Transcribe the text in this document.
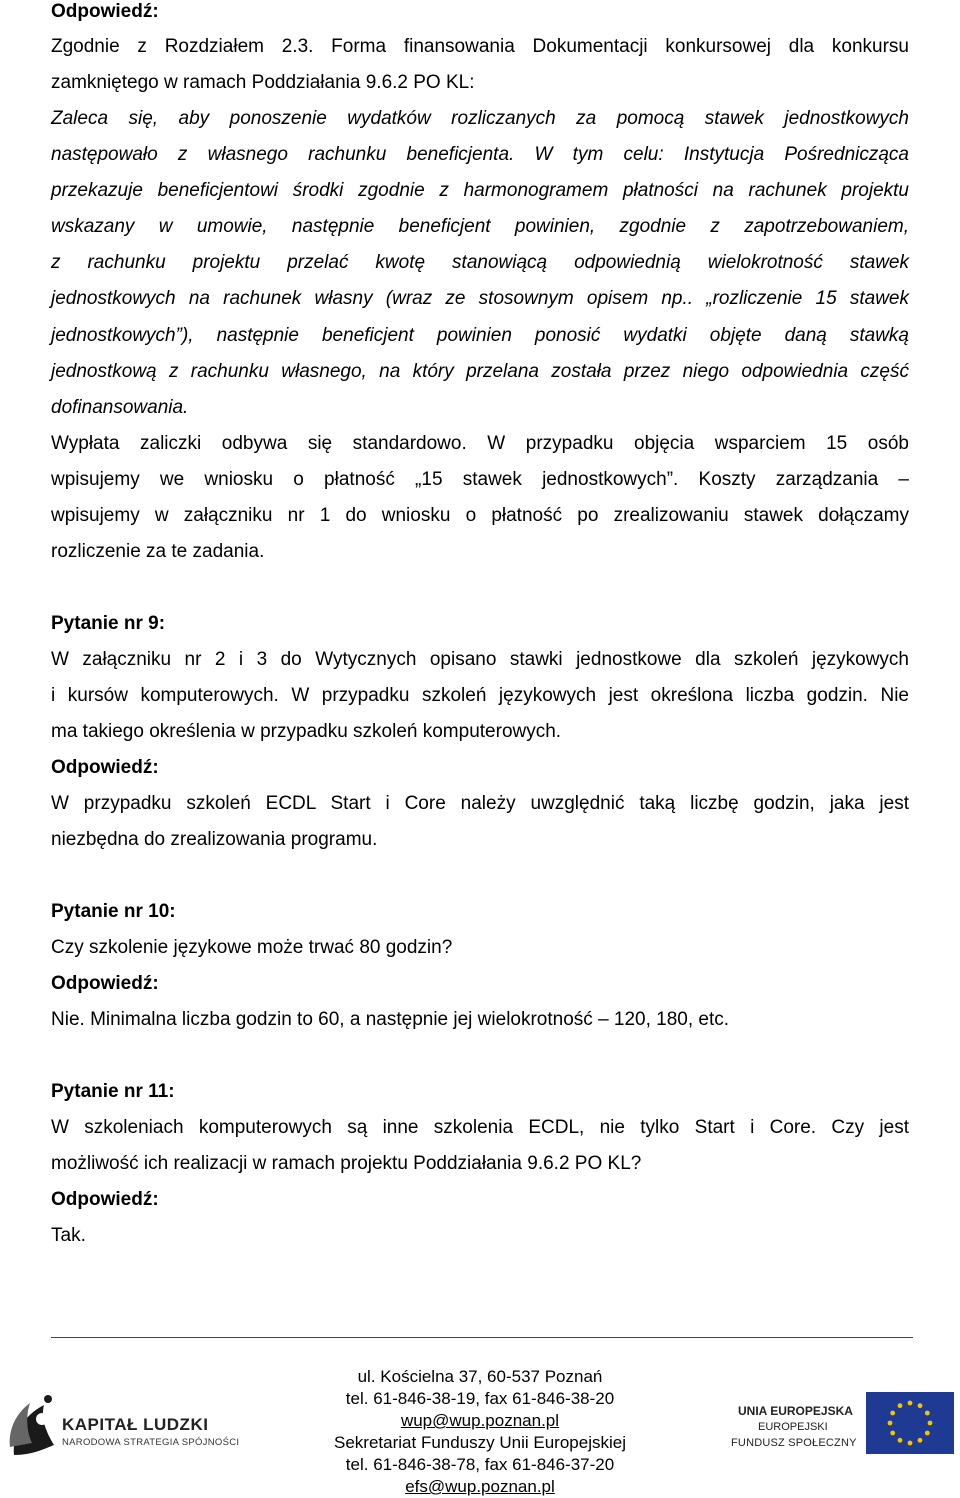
Odpowiedź:
Zgodnie z Rozdziałem 2.3. Forma finansowania Dokumentacji konkursowej dla konkursu
zamkniętego w ramach Poddziałania 9.6.2 PO KL:
Zaleca się, aby ponoszenie wydatków rozliczanych za pomocą stawek jednostkowych
następowało z własnego rachunku beneficjenta. W tym celu: Instytucja Pośrednicząca
przekazuje beneficjentowi środki zgodnie z harmonogramem płatności na rachunek projektu
wskazany w umowie, następnie beneficjent powinien, zgodnie z zapotrzebowaniem,
z rachunku projektu przelać kwotę stanowiącą odpowiednią wielokrotność stawek
jednostkowych na rachunek własny (wraz ze stosownym opisem np.. „rozliczenie 15 stawek
jednostkowych”), następnie beneficjent powinien ponosić wydatki objęte daną stawką
jednostkową z rachunku własnego, na który przelana została przez niego odpowiednia część
dofinansowania.
Wypłata zaliczki odbywa się standardowo. W przypadku objęcia wsparciem 15 osób
wpisujemy we wniosku o płatność „15 stawek jednostkowych”. Koszty zarządzania –
wpisujemy w załączniku nr 1 do wniosku o płatność po zrealizowaniu stawek dołączamy
rozliczenie za te zadania.
Pytanie nr 9:
W załączniku nr 2 i 3 do Wytycznych opisano stawki jednostkowe dla szkoleń językowych
i kursów komputerowych. W przypadku szkoleń językowych jest określona liczba godzin. Nie
ma takiego określenia w przypadku szkoleń komputerowych.
Odpowiedź:
W przypadku szkoleń ECDL Start i Core należy uwzględnić taką liczbę godzin, jaka jest
niezbędna do zrealizowania programu.
Pytanie nr 10:
Czy szkolenie językowe może trwać 80 godzin?
Odpowiedź:
Nie. Minimalna liczba godzin to 60, a następnie jej wielokrotność – 120, 180, etc.
Pytanie nr 11:
W szkoleniach komputerowych są inne szkolenia ECDL, nie tylko Start i Core. Czy jest
możliwość ich realizacji w ramach projektu Poddziałania 9.6.2 PO KL?
Odpowiedź:
Tak.
KAPITAŁ LUDZKI
NARODOWA STRATEGIA SPÓJNOŚCI
ul. Kościelna 37, 60-537 Poznań
tel. 61-846-38-19, fax 61-846-38-20
wup@wup.poznan.pl
Sekretariat Funduszy Unii Europejskiej
tel. 61-846-38-78, fax 61-846-37-20
efs@wup.poznan.pl
UNIA EUROPEJSKA
EUROPEJSKI
FUNDUSZ SPOŁECZNY
